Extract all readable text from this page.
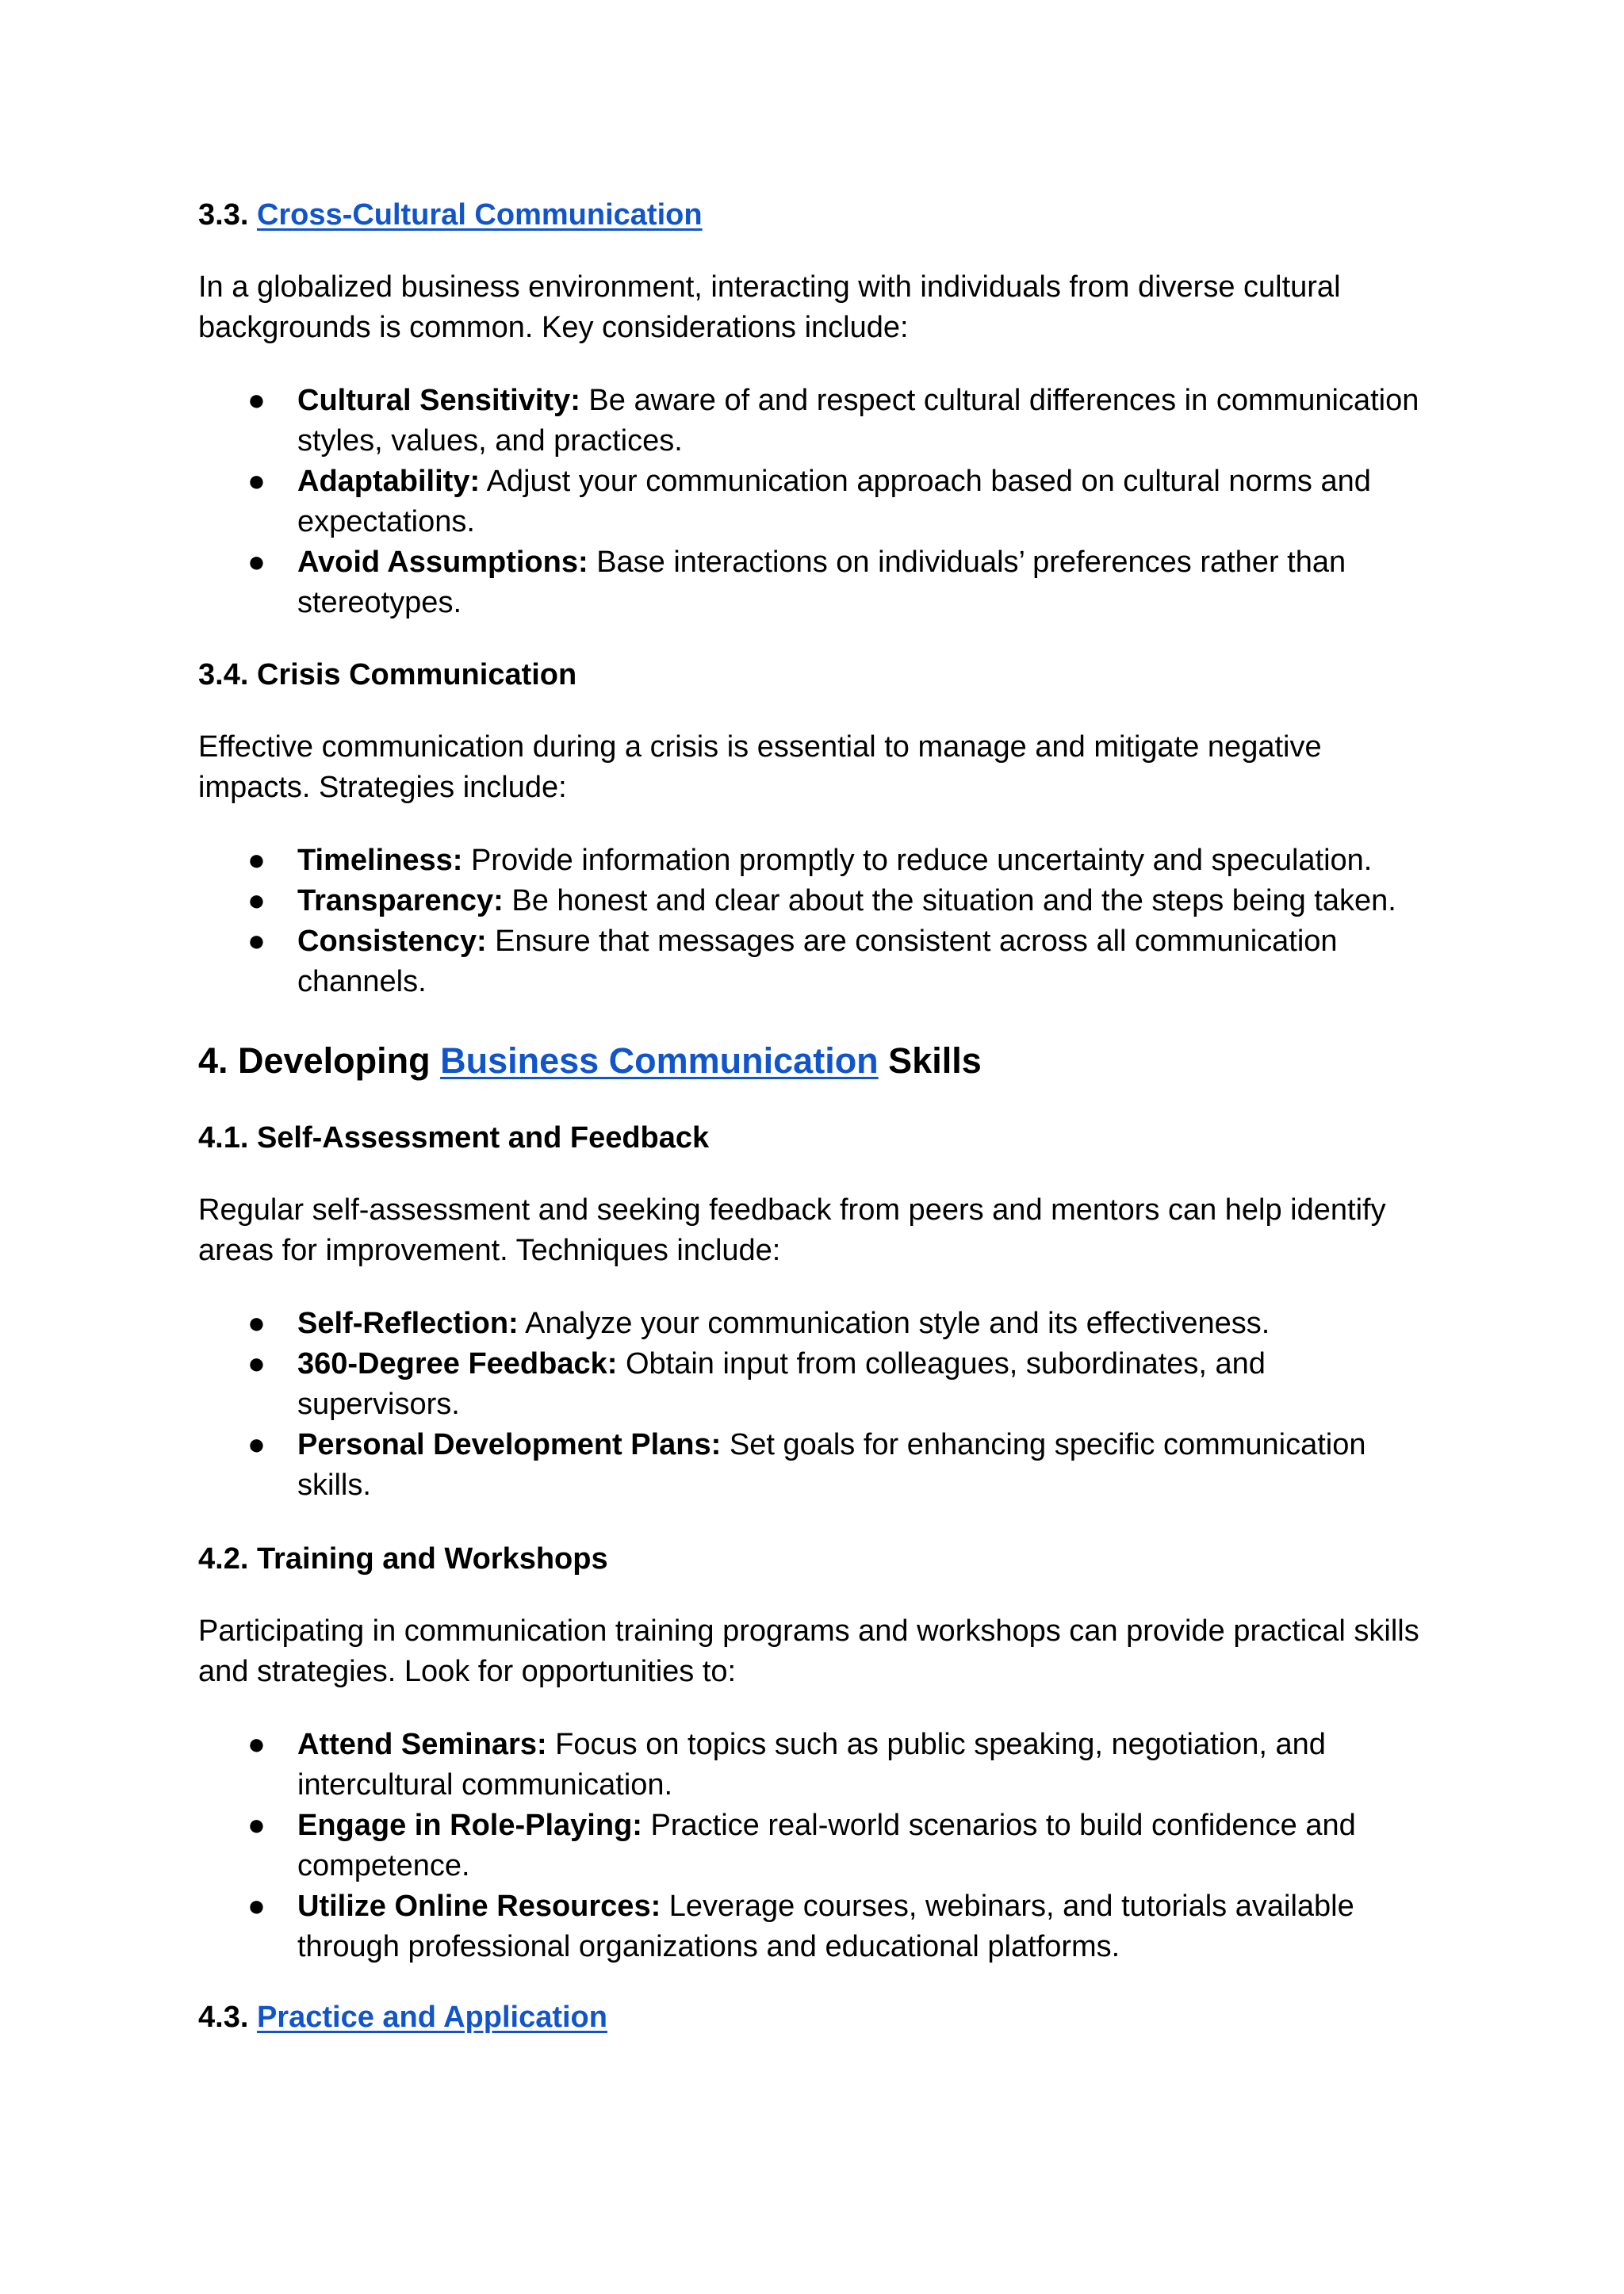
3.3. Cross-Cultural Communication

In a globalized business environment, interacting with individuals from diverse cultural backgrounds is common. Key considerations include:

● Cultural Sensitivity: Be aware of and respect cultural differences in communication styles, values, and practices.
● Adaptability: Adjust your communication approach based on cultural norms and expectations.
● Avoid Assumptions: Base interactions on individuals’ preferences rather than stereotypes.
3.4. Crisis Communication

Effective communication during a crisis is essential to manage and mitigate negative impacts. Strategies include:

● Timeliness: Provide information promptly to reduce uncertainty and speculation.
● Transparency: Be honest and clear about the situation and the steps being taken.
● Consistency: Ensure that messages are consistent across all communication channels.
4. Developing Business Communication Skills
4.1. Self-Assessment and Feedback

Regular self-assessment and seeking feedback from peers and mentors can help identify areas for improvement. Techniques include:

● Self-Reflection: Analyze your communication style and its effectiveness.
● 360-Degree Feedback: Obtain input from colleagues, subordinates, and supervisors.
● Personal Development Plans: Set goals for enhancing specific communication skills.
4.2. Training and Workshops

Participating in communication training programs and workshops can provide practical skills and strategies. Look for opportunities to:

● Attend Seminars: Focus on topics such as public speaking, negotiation, and intercultural communication.
● Engage in Role-Playing: Practice real-world scenarios to build confidence and competence.
● Utilize Online Resources: Leverage courses, webinars, and tutorials available through professional organizations and educational platforms.
4.3. Practice and Application
